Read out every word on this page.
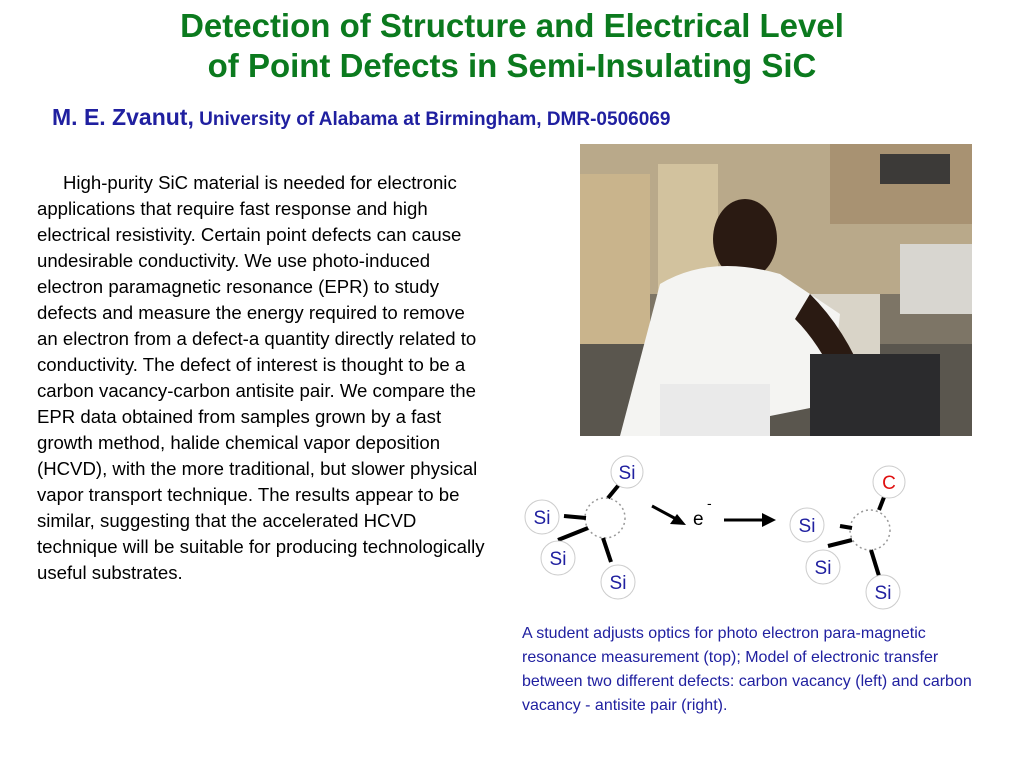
Detection of Structure and Electrical Level
of Point Defects in Semi-Insulating SiC
M. E. Zvanut, University of Alabama at Birmingham, DMR-0506069

High-purity SiC material is needed for electronic applications that require fast response and high electrical resistivity. Certain point defects can cause undesirable conductivity. We use photo-induced electron paramagnetic resonance (EPR) to study defects and measure the energy required to remove an electron from a defect-a quantity directly related to conductivity. The defect of interest is thought to be a carbon vacancy-carbon antisite pair. We compare the EPR data obtained from samples grown by a fast growth method, halide chemical vapor deposition (HCVD), with the more traditional, but slower physical vapor transport technique. The results appear to be similar, suggesting that the accelerated HCVD technique will be suitable for producing technologically useful substrates.

Si
Si
Si
Si
e
-
C
Si
Si
Si
A student adjusts optics for photo electron para-magnetic resonance measurement (top); Model of electronic transfer between two different defects: carbon vacancy (left) and carbon vacancy - antisite pair (right).
